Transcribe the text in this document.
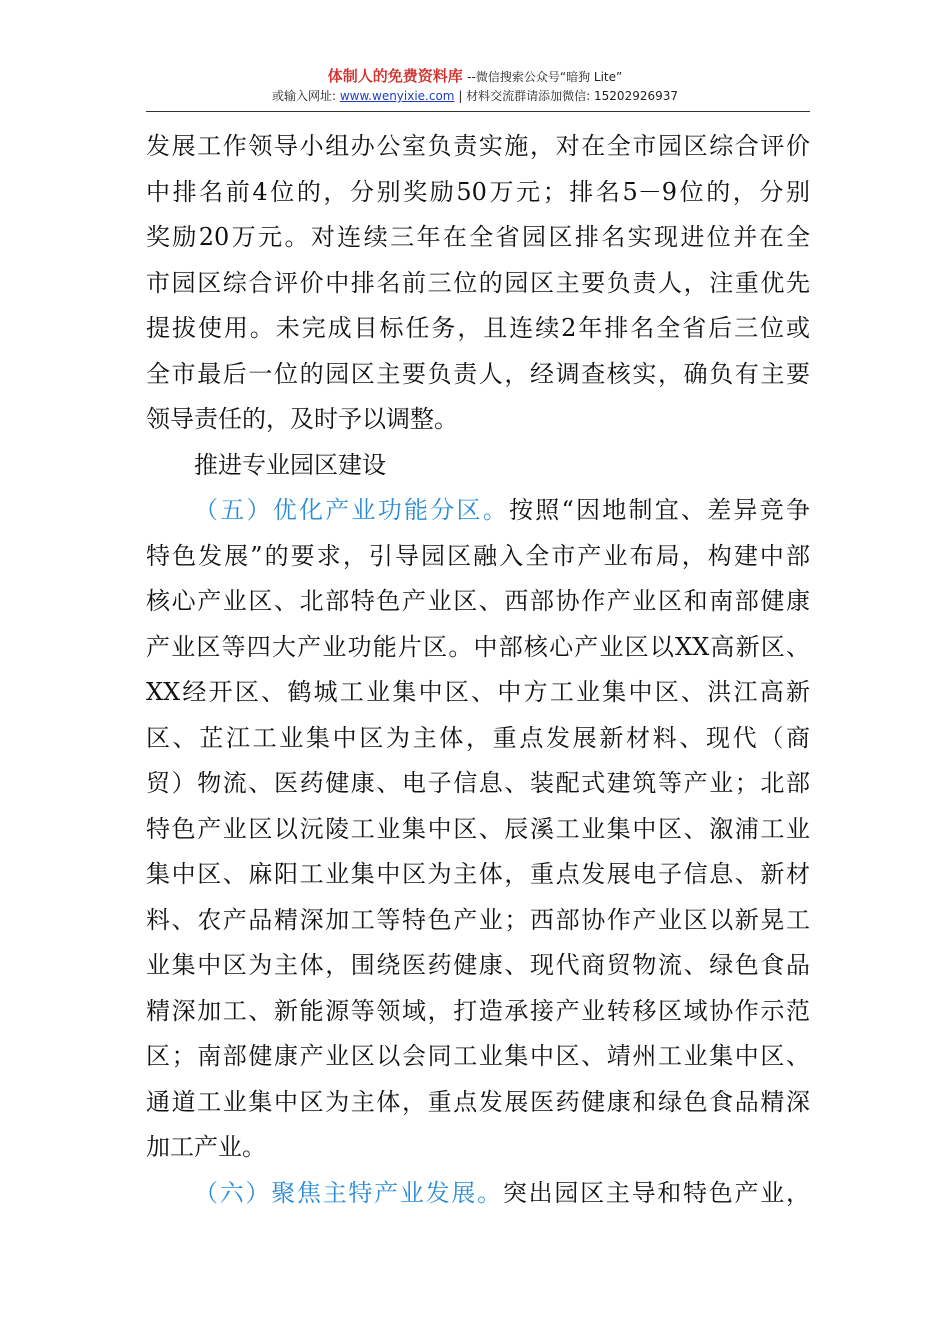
体制人的免费资料库 --微信搜索公众号“暗狗 Lite”
或输入网址: www.wenyixie.com | 材料交流群请添加微信: 15202926937
发展工作领导小组办公室负责实施，对在全市园区综合评价
中排名前4位的，分别奖励50万元；排名5－9位的，分别
奖励20万元。对连续三年在全省园区排名实现进位并在全
市园区综合评价中排名前三位的园区主要负责人，注重优先
提拔使用。未完成目标任务，且连续2年排名全省后三位或
全市最后一位的园区主要负责人，经调查核实，确负有主要
领导责任的，及时予以调整。
推进专业园区建设
（五）优化产业功能分区。按照“因地制宜、差异竞争
特色发展”的要求，引导园区融入全市产业布局，构建中部
核心产业区、北部特色产业区、西部协作产业区和南部健康
产业区等四大产业功能片区。中部核心产业区以XX高新区、
XX经开区、鹤城工业集中区、中方工业集中区、洪江高新
区、芷江工业集中区为主体，重点发展新材料、现代（商
贸）物流、医药健康、电子信息、装配式建筑等产业；北部
特色产业区以沅陵工业集中区、辰溪工业集中区、溆浦工业
集中区、麻阳工业集中区为主体，重点发展电子信息、新材
料、农产品精深加工等特色产业；西部协作产业区以新晃工
业集中区为主体，围绕医药健康、现代商贸物流、绿色食品
精深加工、新能源等领域，打造承接产业转移区域协作示范
区；南部健康产业区以会同工业集中区、靖州工业集中区、
通道工业集中区为主体，重点发展医药健康和绿色食品精深
加工产业。
（六）聚焦主特产业发展。突出园区主导和特色产业，
